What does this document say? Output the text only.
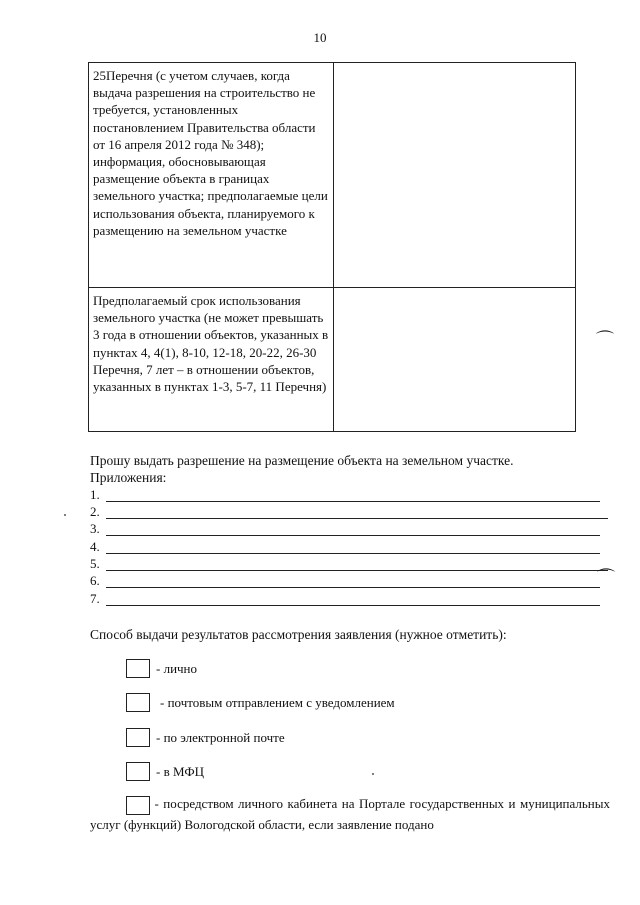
10
25Перечня (с учетом случаев, когда выдача разрешения на строительство не требуется, установленных постановлением Правительства области от 16 апреля 2012 года № 348); информация, обосновывающая размещение объекта в границах земельного участка; предполагаемые цели использования объекта, планируемого к размещению на земельном участке	
Предполагаемый срок использования земельного участка (не может превышать 3 года в отношении объектов, указанных в пунктах 4, 4(1), 8-10, 12-18, 20-22, 26-30 Перечня, 7 лет – в отношении объектов, указанных в пунктах 1-3, 5-7, 11 Перечня)	
Прошу выдать разрешение на размещение объекта на земельном участке.
Приложения:
1.
2.
3.
4.
5.
6.
7.
Способ выдачи результатов рассмотрения заявления (нужное отметить):
- лично
- почтовым отправлением с уведомлением
- по электронной почте
- в МФЦ
- посредством личного кабинета на Портале государственных и муниципальных услуг (функций) Вологодской области, если заявление подано
⌒
⌒
